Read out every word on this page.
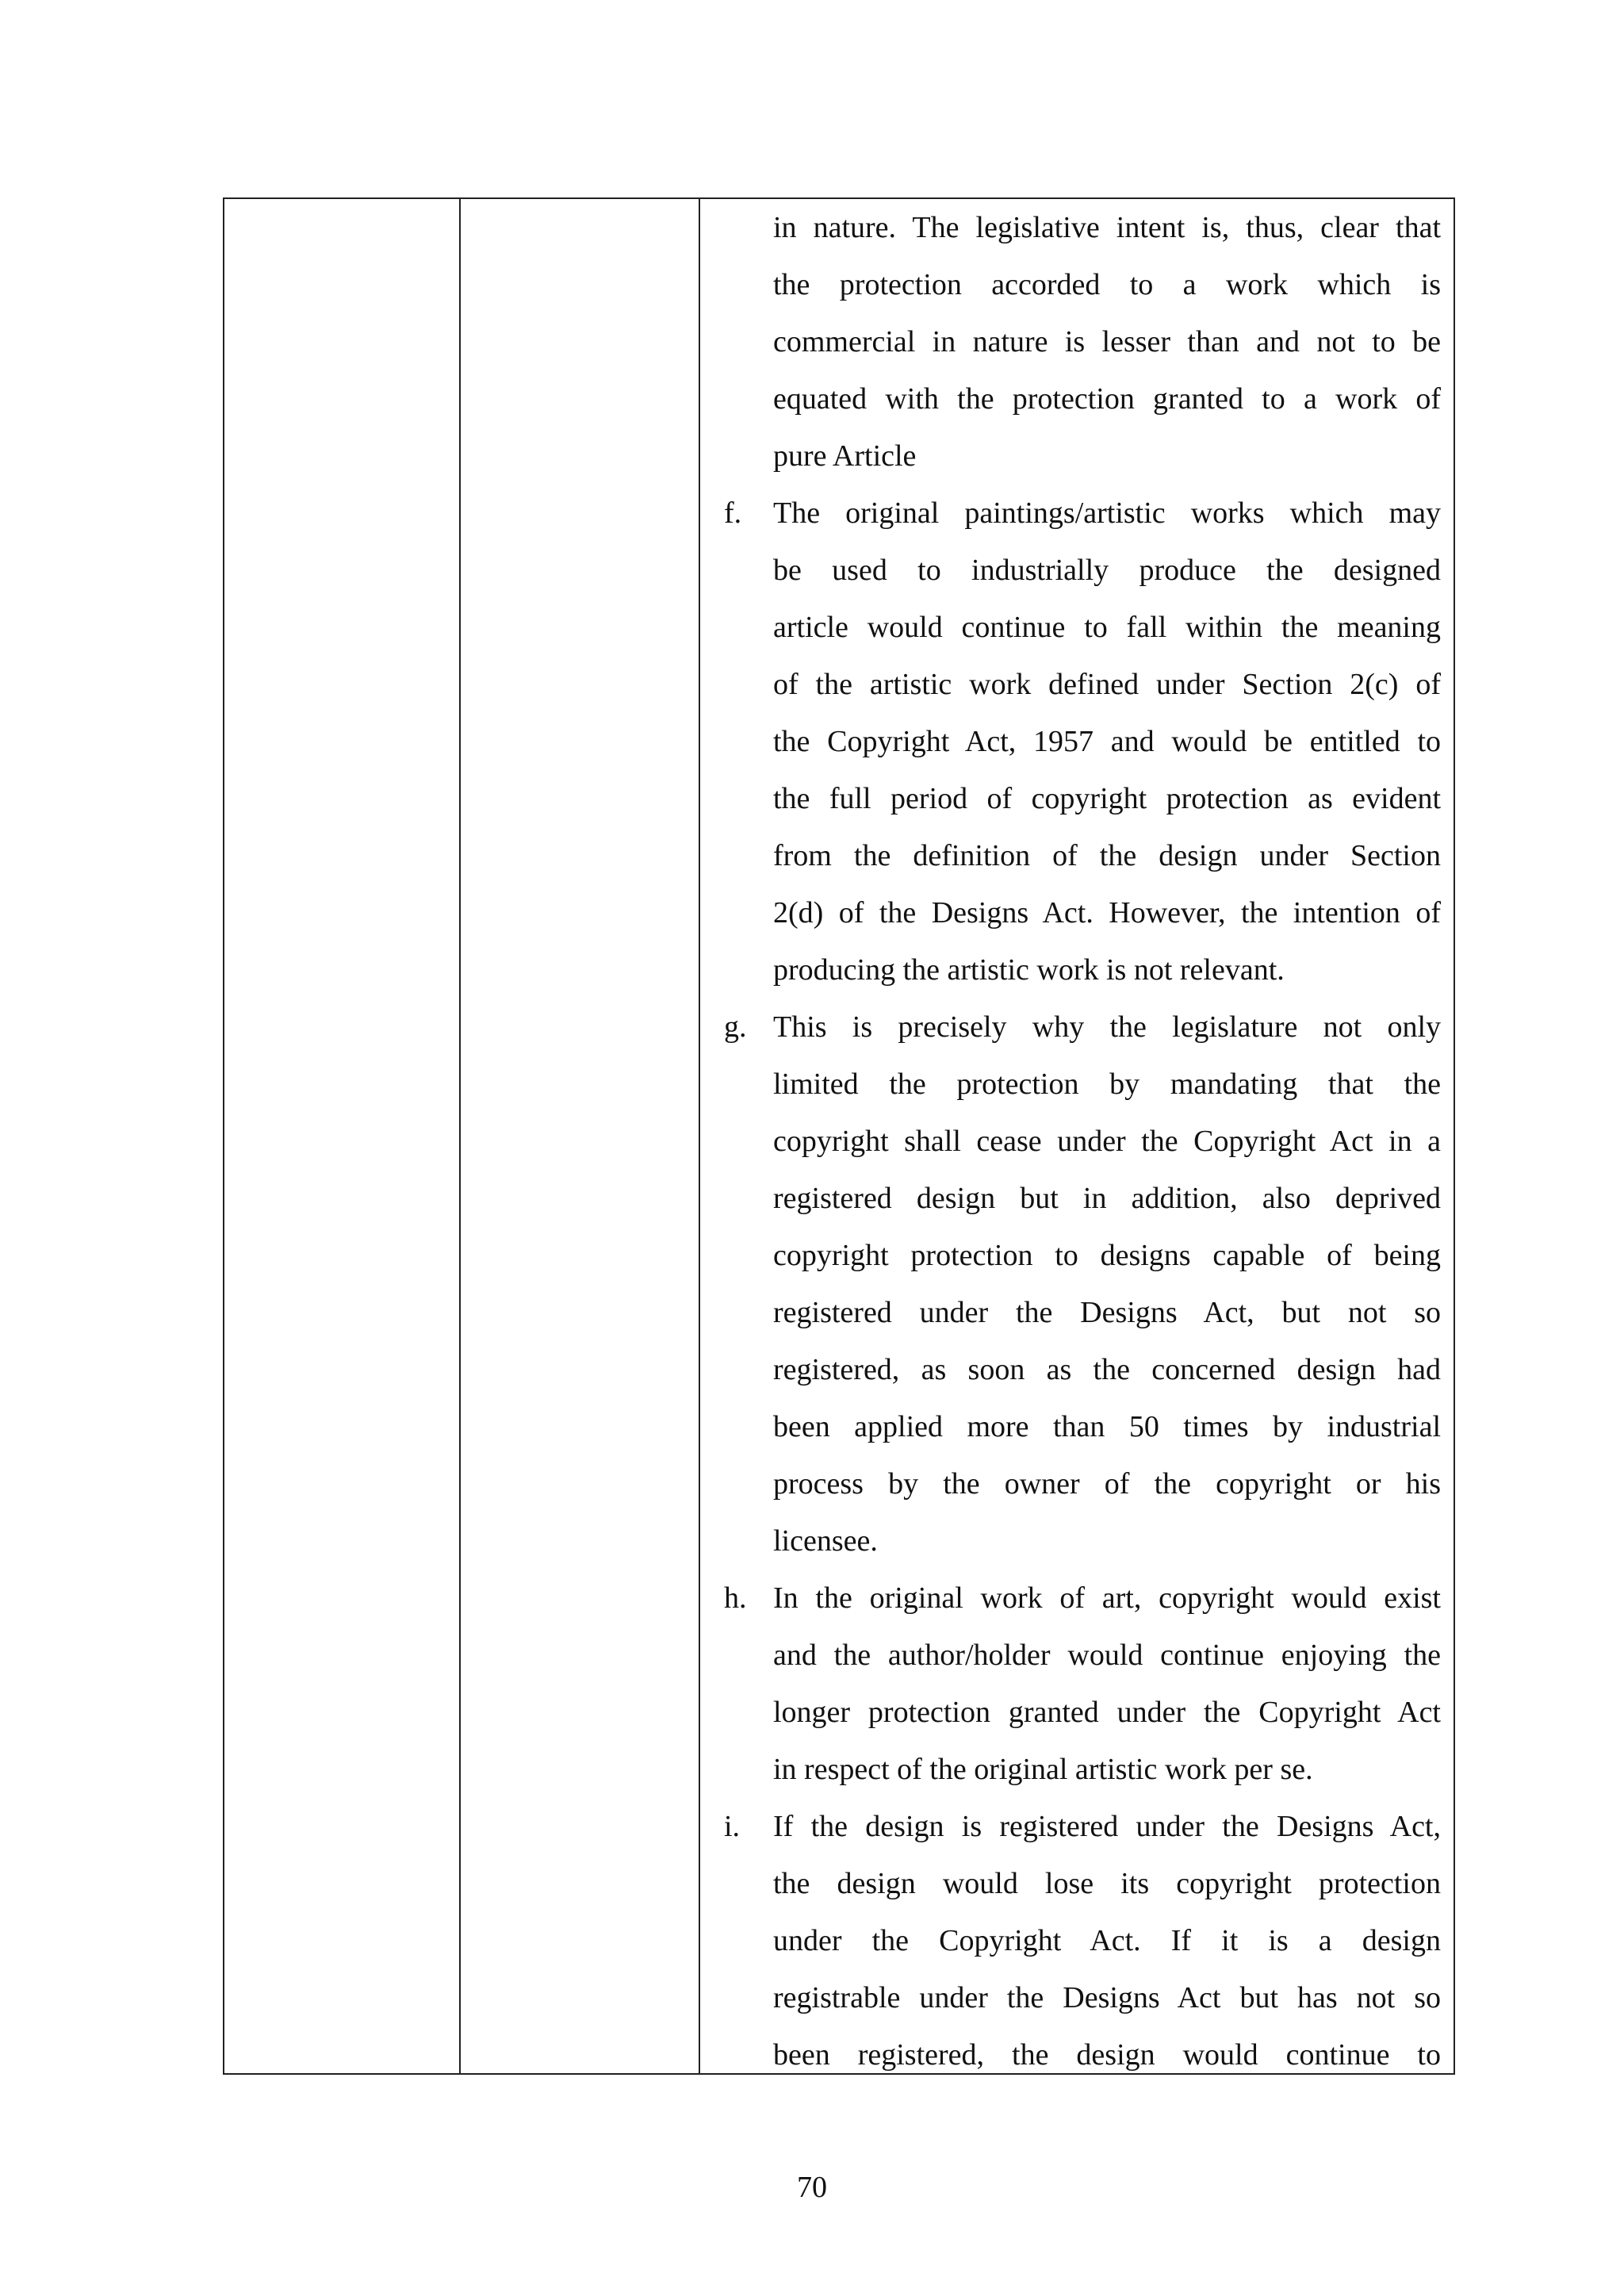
in nature. The legislative intent is, thus, clear that
the protection accorded to a work which is
commercial in nature is lesser than and not to be
equated with the protection granted to a work of
pure Article
f. The original paintings/artistic works which may
be used to industrially produce the designed
article would continue to fall within the meaning
of the artistic work defined under Section 2(c) of
the Copyright Act, 1957 and would be entitled to
the full period of copyright protection as evident
from the definition of the design under Section
2(d) of the Designs Act. However, the intention of
producing the artistic work is not relevant.
g. This is precisely why the legislature not only
limited the protection by mandating that the
copyright shall cease under the Copyright Act in a
registered design but in addition, also deprived
copyright protection to designs capable of being
registered under the Designs Act, but not so
registered, as soon as the concerned design had
been applied more than 50 times by industrial
process by the owner of the copyright or his
licensee.
h. In the original work of art, copyright would exist
and the author/holder would continue enjoying the
longer protection granted under the Copyright Act
in respect of the original artistic work per se.
i. If the design is registered under the Designs Act,
the design would lose its copyright protection
under the Copyright Act. If it is a design
registrable under the Designs Act but has not so
been registered, the design would continue to
70
